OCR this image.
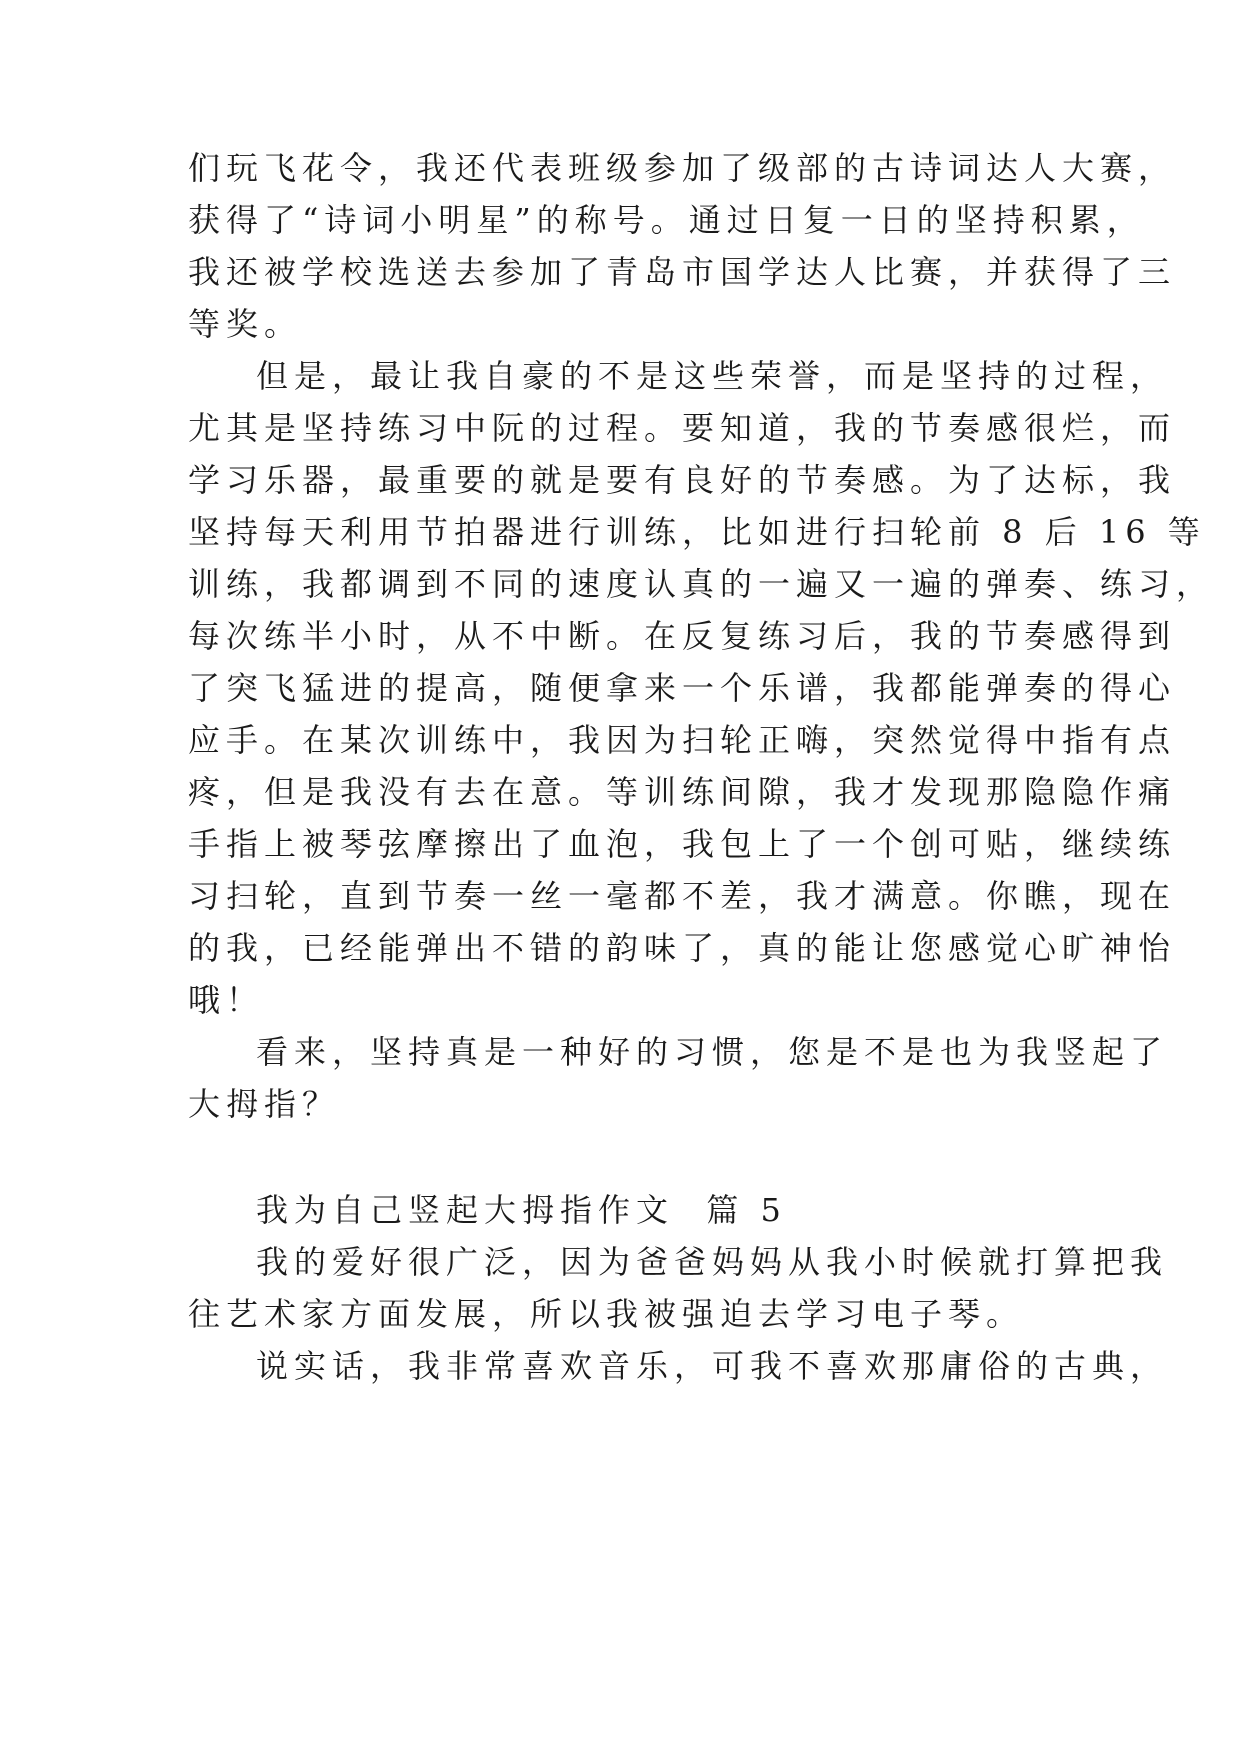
们玩飞花令，我还代表班级参加了级部的古诗词达人大赛，
获得了“诗词小明星”的称号。通过日复一日的坚持积累，
我还被学校选送去参加了青岛市国学达人比赛，并获得了三
等奖。
但是，最让我自豪的不是这些荣誉，而是坚持的过程，
尤其是坚持练习中阮的过程。要知道，我的节奏感很烂，而
学习乐器，最重要的就是要有良好的节奏感。为了达标，我
坚持每天利用节拍器进行训练，比如进行扫轮前 8 后 16 等
训练，我都调到不同的速度认真的一遍又一遍的弹奏、练习，
每次练半小时，从不中断。在反复练习后，我的节奏感得到
了突飞猛进的提高，随便拿来一个乐谱，我都能弹奏的得心
应手。在某次训练中，我因为扫轮正嗨，突然觉得中指有点
疼，但是我没有去在意。等训练间隙，我才发现那隐隐作痛
手指上被琴弦摩擦出了血泡，我包上了一个创可贴，继续练
习扫轮，直到节奏一丝一毫都不差，我才满意。你瞧，现在
的我，已经能弹出不错的韵味了，真的能让您感觉心旷神怡
哦！
看来，坚持真是一种好的习惯，您是不是也为我竖起了
大拇指？
我为自己竖起大拇指作文  篇 5
我的爱好很广泛，因为爸爸妈妈从我小时候就打算把我
往艺术家方面发展，所以我被强迫去学习电子琴。
说实话，我非常喜欢音乐，可我不喜欢那庸俗的古典，
